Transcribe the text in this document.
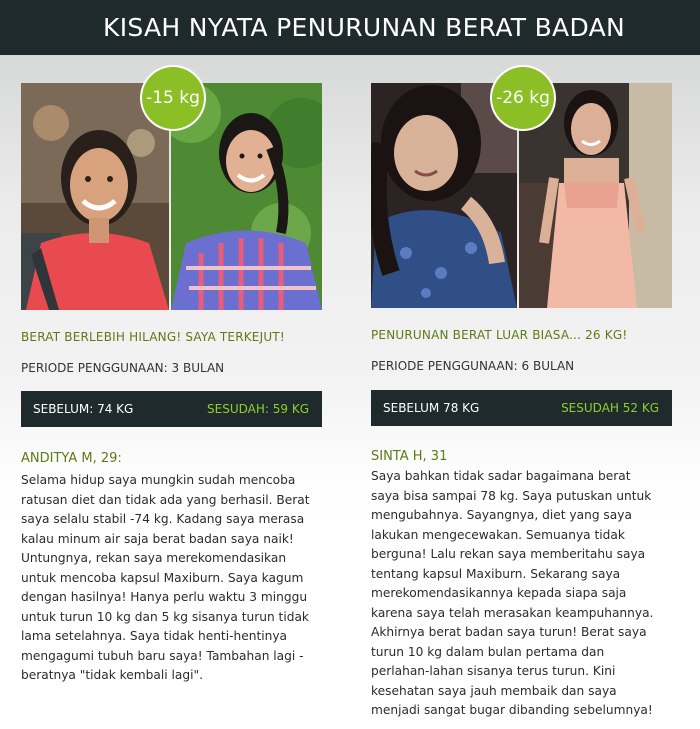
KISAH NYATA PENURUNAN BERAT BADAN
-15 kg
BERAT BERLEBIH HILANG! SAYA TERKEJUT!
PERIODE PENGGUNAAN: 3 BULAN
SEBELUM: 74 KG	SESUDAH: 59 KG
ANDITYA M, 29:
Selama hidup saya mungkin sudah mencoba
ratusan diet dan tidak ada yang berhasil. Berat
saya selalu stabil -74 kg. Kadang saya merasa
kalau minum air saja berat badan saya naik!
Untungnya, rekan saya merekomendasikan
untuk mencoba kapsul Maxiburn. Saya kagum
dengan hasilnya! Hanya perlu waktu 3 minggu
untuk turun 10 kg dan 5 kg sisanya turun tidak
lama setelahnya. Saya tidak henti-hentinya
mengagumi tubuh baru saya! Tambahan lagi -
beratnya "tidak kembali lagi".
-26 kg
PENURUNAN BERAT LUAR BIASA... 26 KG!
PERIODE PENGGUNAAN: 6 BULAN
SEBELUM 78 KG	SESUDAH 52 KG
SINTA H, 31
Saya bahkan tidak sadar bagaimana berat
saya bisa sampai 78 kg. Saya putuskan untuk
mengubahnya. Sayangnya, diet yang saya
lakukan mengecewakan. Semuanya tidak
berguna! Lalu rekan saya memberitahu saya
tentang kapsul Maxiburn. Sekarang saya
merekomendasikannya kepada siapa saja
karena saya telah merasakan keampuhannya.
Akhirnya berat badan saya turun! Berat saya
turun 10 kg dalam bulan pertama dan
perlahan-lahan sisanya terus turun. Kini
kesehatan saya jauh membaik dan saya
menjadi sangat bugar dibanding sebelumnya!
